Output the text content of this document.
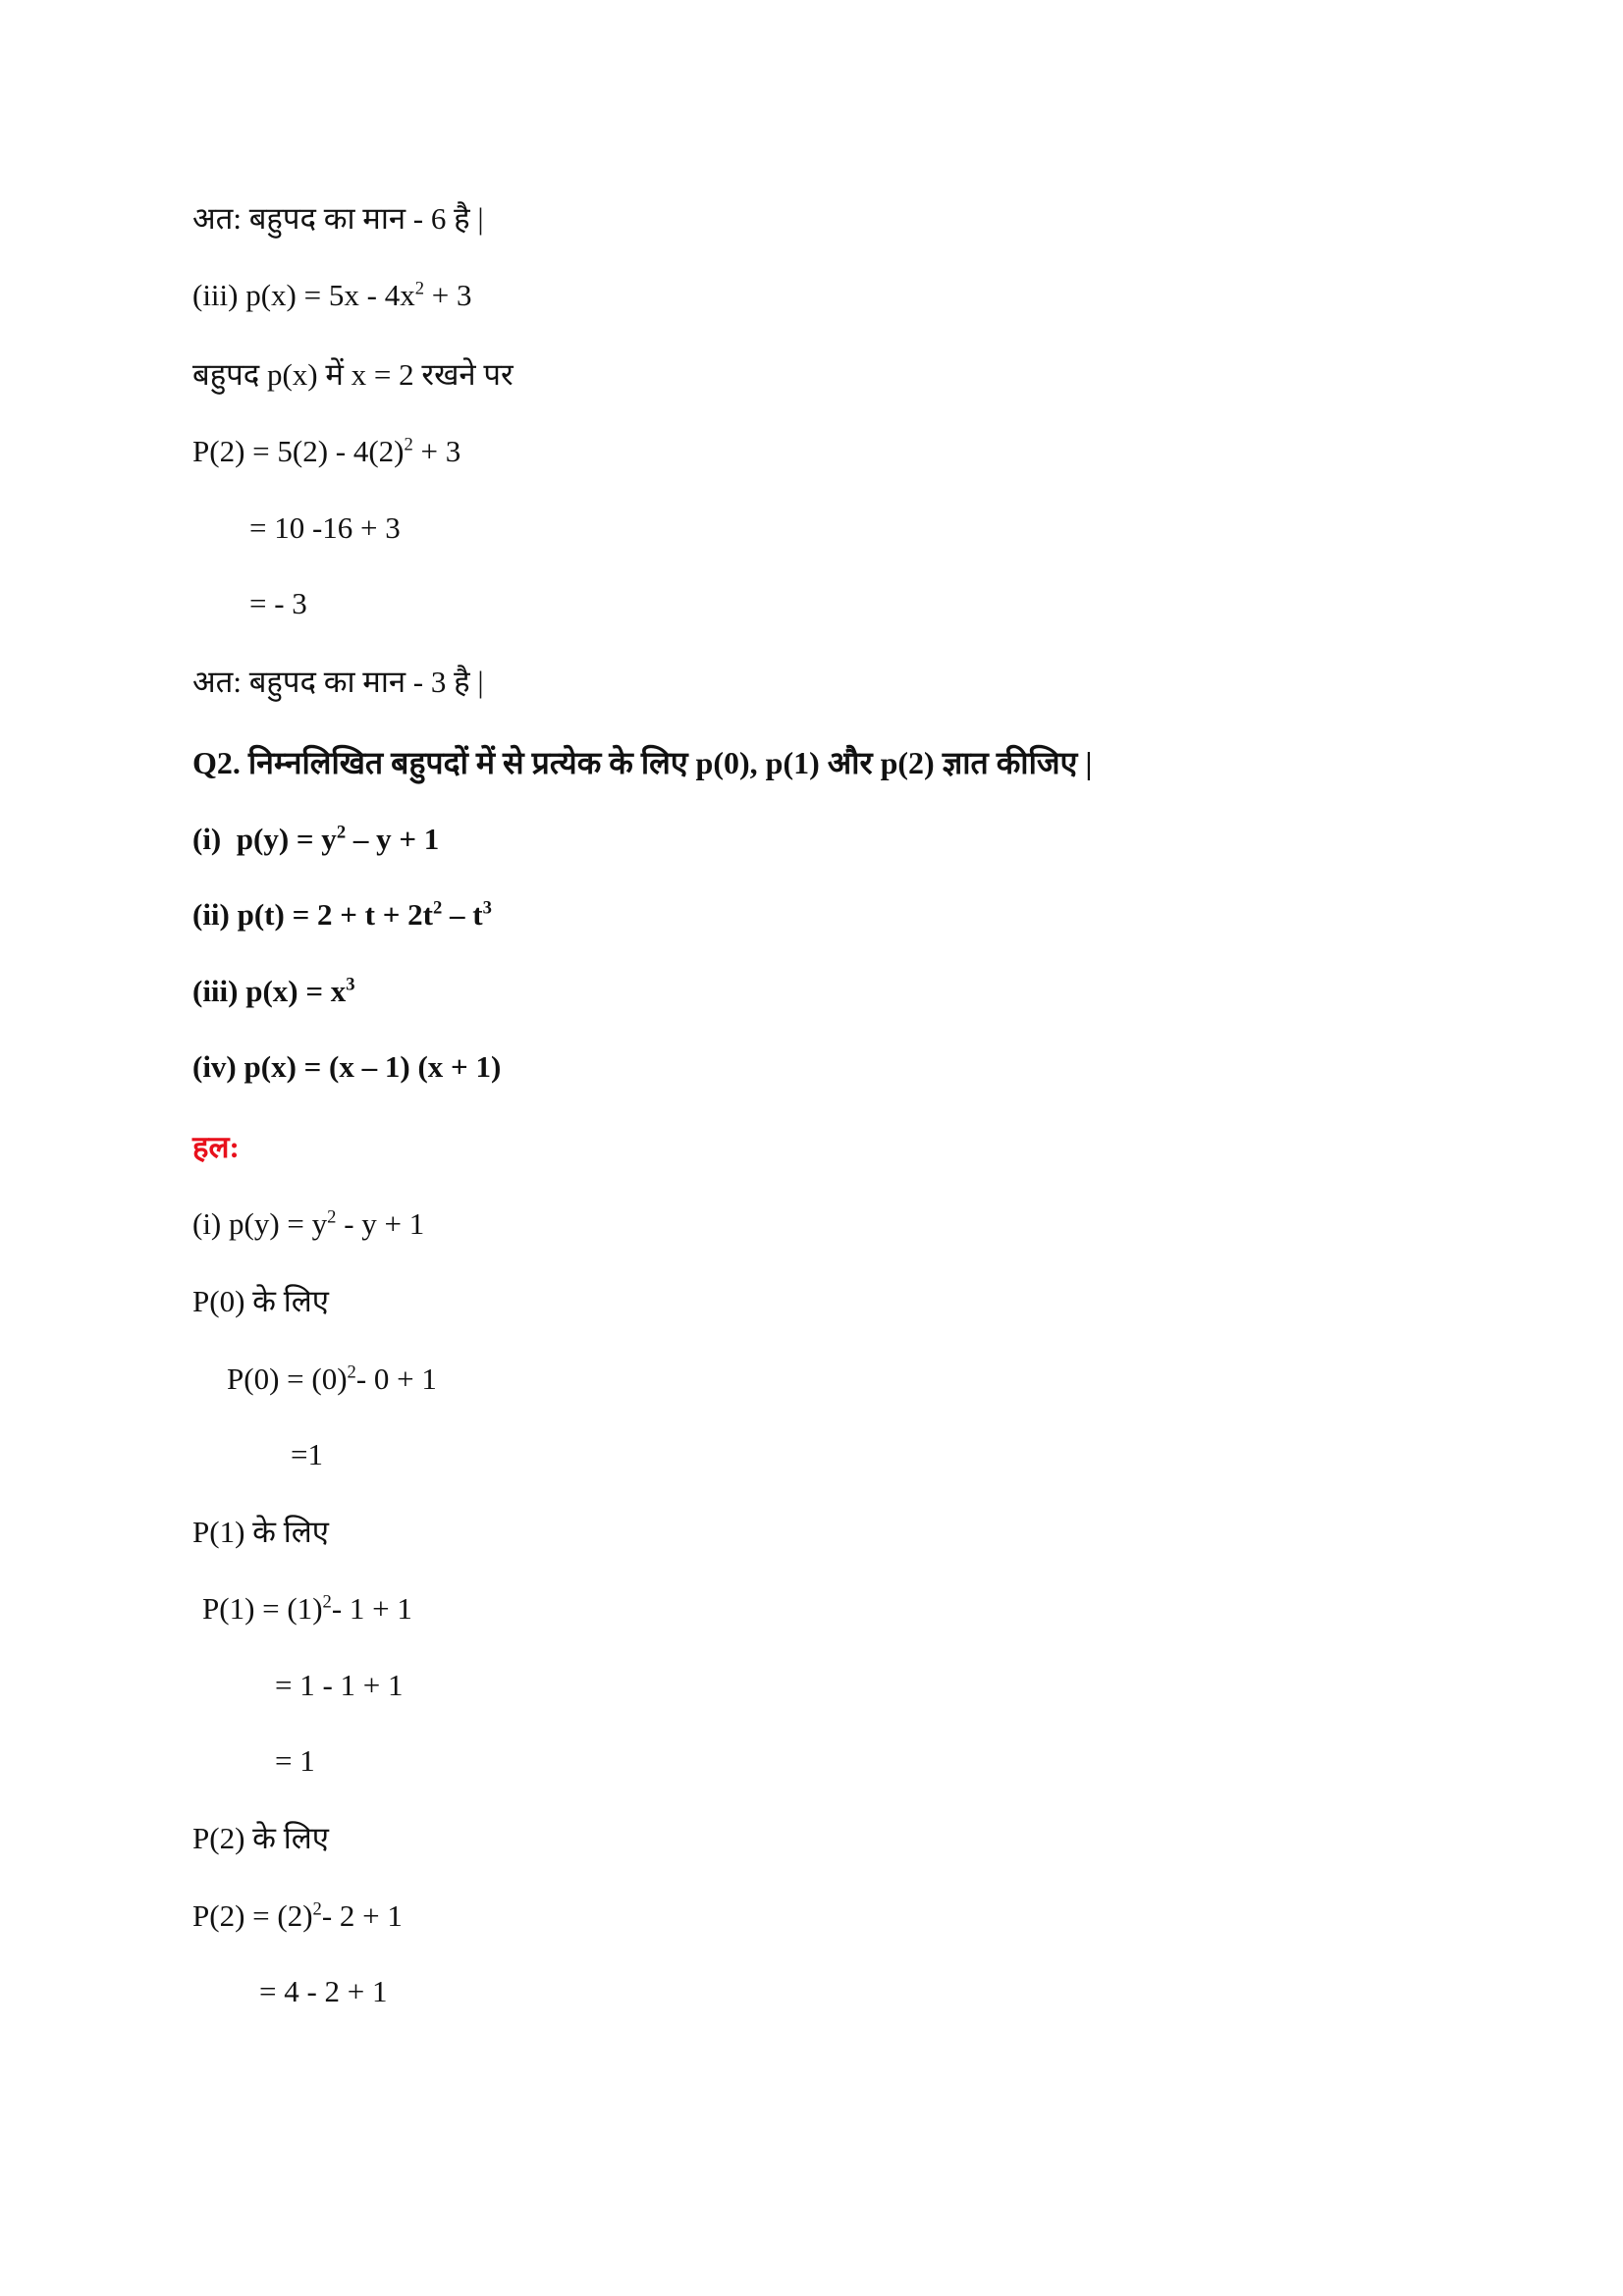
अत: बहुपद का मान - 6 है |
(iii) $p(x) = 5x - 4x^2 + 3$
बहुपद p(x) में x = 2 रखने पर
$P(2) = 5(2) - 4(2)^2 + 3$
= 10 -16 + 3
= - 3
अत: बहुपद का मान - 3 है |
Q2. निम्नलिखित बहुपदों में से प्रत्येक के लिए p(0), p(1) और p(2) ज्ञात कीजिए |
(i)  $p(y) = y^2 - y + 1$
(ii) $p(t) = 2 + t + 2t^2 - t^3$
(iii) $p(x) = x^3$
(iv) p(x) = (x – 1) (x + 1)
हल:
(i) $p(y) = y^2 - y + 1$
P(0) के लिए
$P(0) = (0)^2-$ 0 + 1
=1
P(1) के लिए
$P(1) = (1)^2-$ 1 + 1
= 1 - 1 + 1
= 1
P(2) के लिए
$P(2) = (2)^2-$ 2 + 1
= 4 - 2 + 1
